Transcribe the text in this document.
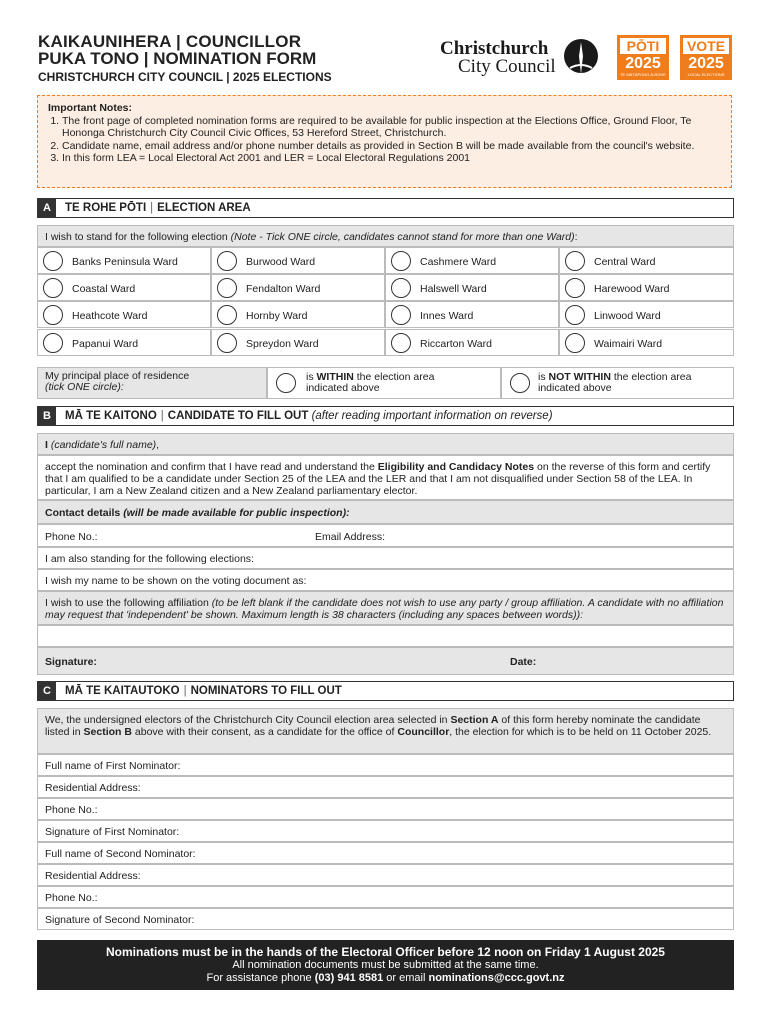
KAIKAUNIHERA | COUNCILLOR
PUKA TONO | NOMINATION FORM
CHRISTCHURCH CITY COUNCIL | 2025 ELECTIONS
Christchurch
City Council
PŌTI
2025
TE MĀTĀPONO Ā-ROHE
VOTE
2025
LOCAL ELECTIONS
Important Notes:
1. The front page of completed nomination forms are required to be available for public inspection at the Elections Office, Ground Floor, Te Hononga Christchurch City Council Civic Offices, 53 Hereford Street, Christchurch.
2. Candidate name, email address and/or phone number details as provided in Section B will be made available from the council's website.
3. In this form LEA = Local Electoral Act 2001 and LER = Local Electoral Regulations 2001
A	TE ROHE PŌTI | ELECTION AREA
I wish to stand for the following election (Note - Tick ONE circle, candidates cannot stand for more than one Ward):
Banks Peninsula Ward	Burwood Ward	Cashmere Ward	Central Ward
Coastal Ward	Fendalton Ward	Halswell Ward	Harewood Ward
Heathcote Ward	Hornby Ward	Innes Ward	Linwood Ward
Papanui Ward	Spreydon Ward	Riccarton Ward	Waimairi Ward
My principal place of residence
(tick ONE circle):
is WITHIN the election area
indicated above
is NOT WITHIN the election area
indicated above
B	MĀ TE KAITONO | CANDIDATE TO FILL OUT (after reading important information on reverse)
I (candidate's full name),
accept the nomination and confirm that I have read and understand the Eligibility and Candidacy Notes on the reverse of this form and certify that I am qualified to be a candidate under Section 25 of the LEA and the LER and that I am not disqualified under Section 58 of the LEA. In particular, I am a New Zealand citizen and a New Zealand parliamentary elector.
Contact details (will be made available for public inspection):
Phone No.:	Email Address:
I am also standing for the following elections:
I wish my name to be shown on the voting document as:
I wish to use the following affiliation (to be left blank if the candidate does not wish to use any party / group affiliation. A candidate with no affiliation may request that 'independent' be shown. Maximum length is 38 characters (including any spaces between words)):
Signature:	Date:
C	MĀ TE KAITAUTOKO | NOMINATORS TO FILL OUT
We, the undersigned electors of the Christchurch City Council election area selected in Section A of this form hereby nominate the candidate listed in Section B above with their consent, as a candidate for the office of Councillor, the election for which is to be held on 11 October 2025.
Full name of First Nominator:
Residential Address:
Phone No.:
Signature of First Nominator:
Full name of Second Nominator:
Residential Address:
Phone No.:
Signature of Second Nominator:
Nominations must be in the hands of the Electoral Officer before 12 noon on Friday 1 August 2025
All nomination documents must be submitted at the same time.
For assistance phone (03) 941 8581 or email nominations@ccc.govt.nz
